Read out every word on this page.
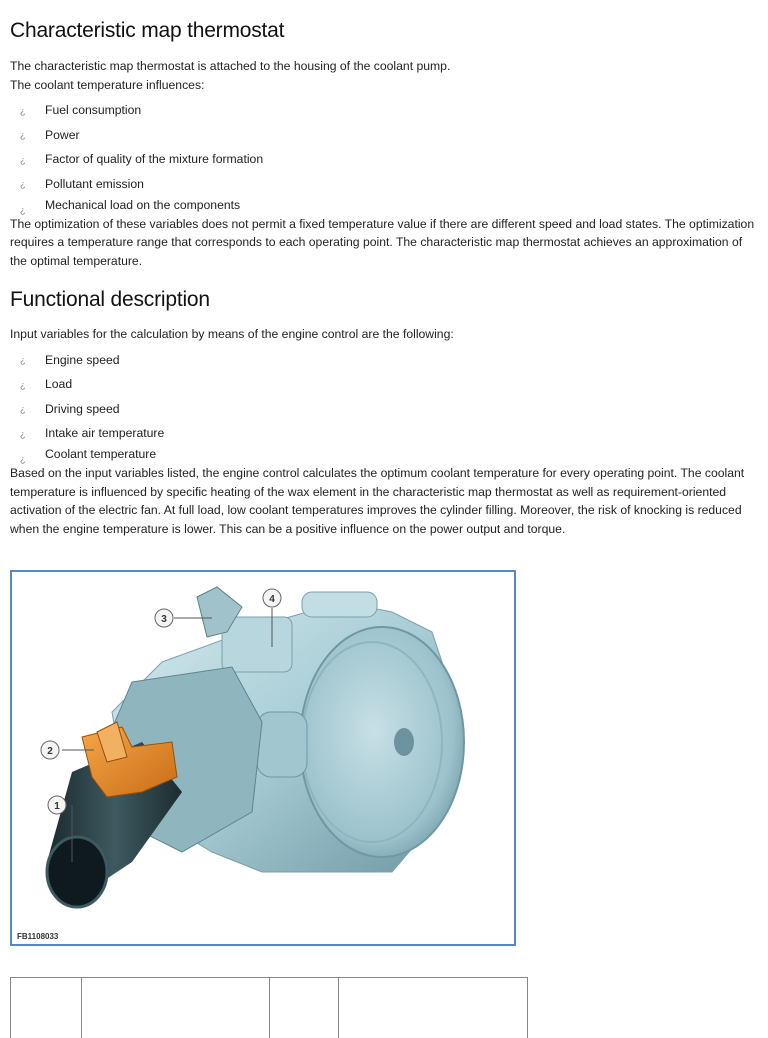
Characteristic map thermostat

The characteristic map thermostat is attached to the housing of the coolant pump.

The coolant temperature influences:

¿	Fuel consumption
¿	Power
¿	Factor of quality of the mixture formation
¿	Pollutant emission
¿	Mechanical load on the components

The optimization of these variables does not permit a fixed temperature value if there are different speed and load states. The optimization requires a temperature range that corresponds to each operating point. The characteristic map thermostat achieves an approximation of the optimal temperature.

Functional description

Input variables for the calculation by means of the engine control are the following:

¿	Engine speed
¿	Load
¿	Driving speed
¿	Intake air temperature
¿	Coolant temperature

Based on the input variables listed, the engine control calculates the optimum coolant temperature for every operating point. The coolant temperature is influenced by specific heating of the wax element in the characteristic map thermostat as well as requirement-oriented activation of the electric fan. At full load, low coolant temperatures improves the cylinder filling. Moreover, the risk of knocking is reduced when the engine temperature is lower. This can be a positive influence on the power output and torque.

1
2
3
4
FB1108033
